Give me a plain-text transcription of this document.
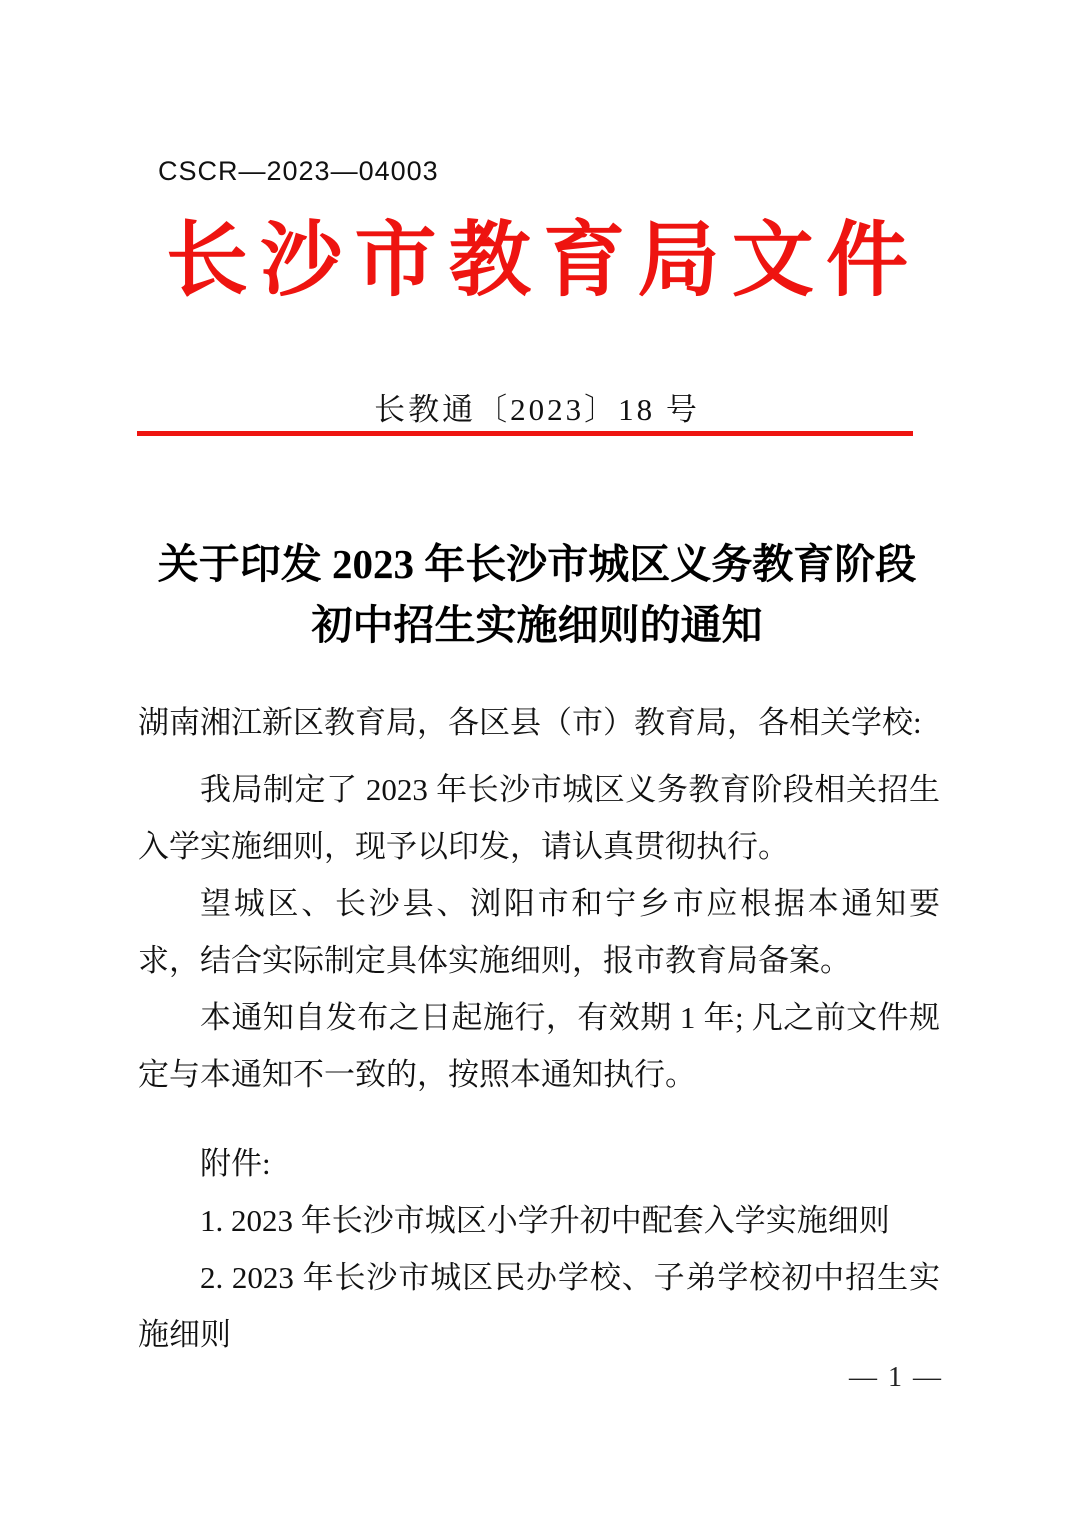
CSCR—2023—04003
长沙市教育局文件
长教通〔2023〕18 号
关于印发 2023 年长沙市城区义务教育阶段
初中招生实施细则的通知
湖南湘江新区教育局，各区县（市）教育局，各相关学校:
我局制定了 2023 年长沙市城区义务教育阶段相关招生入学实施细则，现予以印发，请认真贯彻执行。
望城区、长沙县、浏阳市和宁乡市应根据本通知要求，结合实际制定具体实施细则，报市教育局备案。
本通知自发布之日起施行，有效期 1 年; 凡之前文件规定与本通知不一致的，按照本通知执行。
附件:
1. 2023 年长沙市城区小学升初中配套入学实施细则
2. 2023 年长沙市城区民办学校、子弟学校初中招生实施细则
— 1 —
